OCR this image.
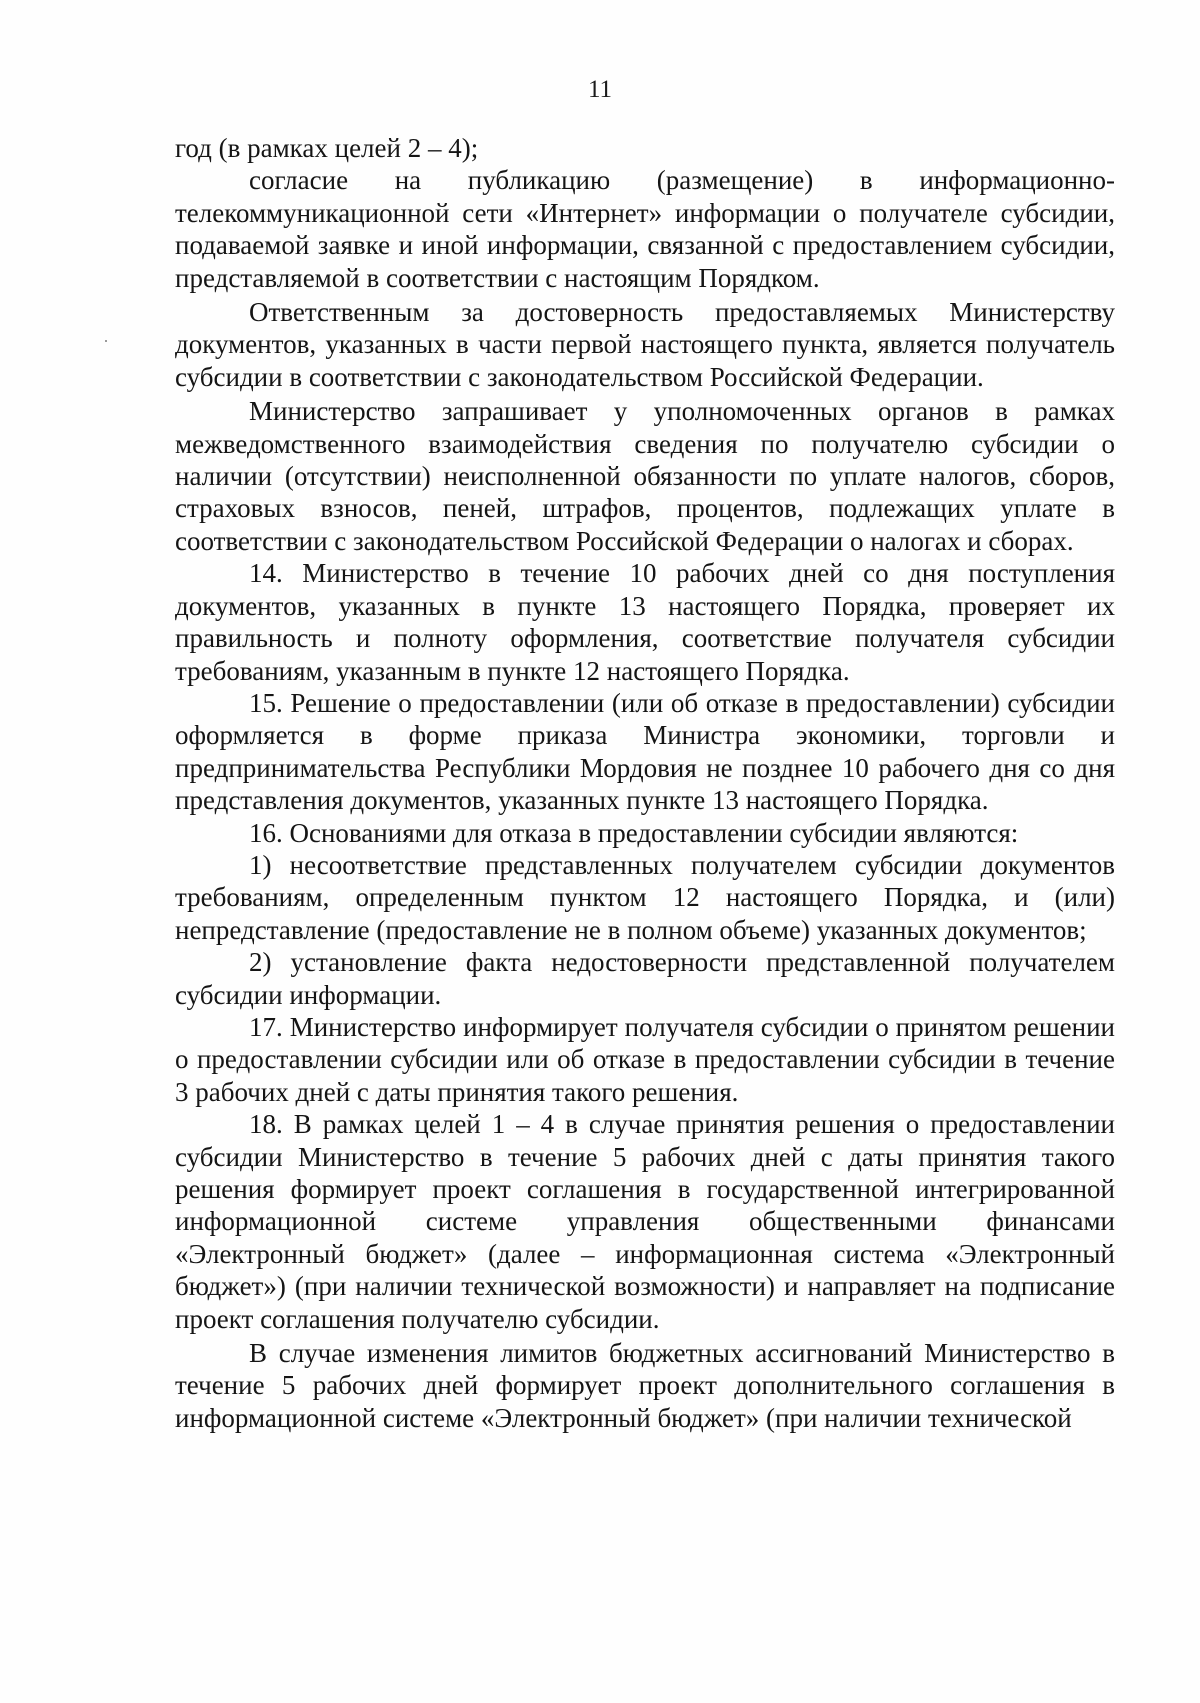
11

год (в рамках целей 2 – 4);

согласие на публикацию (размещение) в информационно-телекоммуникационной сети «Интернет» информации о получателе субсидии, подаваемой заявке и иной информации, связанной с предоставлением субсидии, представляемой в соответствии с настоящим Порядком.

Ответственным за достоверность предоставляемых Министерству документов, указанных в части первой настоящего пункта, является получатель субсидии в соответствии с законодательством Российской Федерации.

Министерство запрашивает у уполномоченных органов в рамках межведомственного взаимодействия сведения по получателю субсидии о наличии (отсутствии) неисполненной обязанности по уплате налогов, сборов, страховых взносов, пеней, штрафов, процентов, подлежащих уплате в соответствии с законодательством Российской Федерации о налогах и сборах.

14. Министерство в течение 10 рабочих дней со дня поступления документов, указанных в пункте 13 настоящего Порядка, проверяет их правильность и полноту оформления, соответствие получателя субсидии требованиям, указанным в пункте 12 настоящего Порядка.

15. Решение о предоставлении (или об отказе в предоставлении) субсидии оформляется в форме приказа Министра экономики, торговли и предпринимательства Республики Мордовия не позднее 10 рабочего дня со дня представления документов, указанных пункте 13 настоящего Порядка.

16. Основаниями для отказа в предоставлении субсидии являются:

1) несоответствие представленных получателем субсидии документов требованиям, определенным пунктом 12 настоящего Порядка, и (или) непредставление (предоставление не в полном объеме) указанных документов;

2) установление факта недостоверности представленной получателем субсидии информации.

17. Министерство информирует получателя субсидии о принятом решении о предоставлении субсидии или об отказе в предоставлении субсидии в течение 3 рабочих дней с даты принятия такого решения.

18. В рамках целей 1 – 4 в случае принятия решения о предоставлении субсидии Министерство в течение 5 рабочих дней с даты принятия такого решения формирует проект соглашения в государственной интегрированной информационной системе управления общественными финансами «Электронный бюджет» (далее – информационная система «Электронный бюджет») (при наличии технической возможности) и направляет на подписание проект соглашения получателю субсидии.

В случае изменения лимитов бюджетных ассигнований Министерство в течение 5 рабочих дней формирует проект дополнительного соглашения в информационной системе «Электронный бюджет» (при наличии технической
